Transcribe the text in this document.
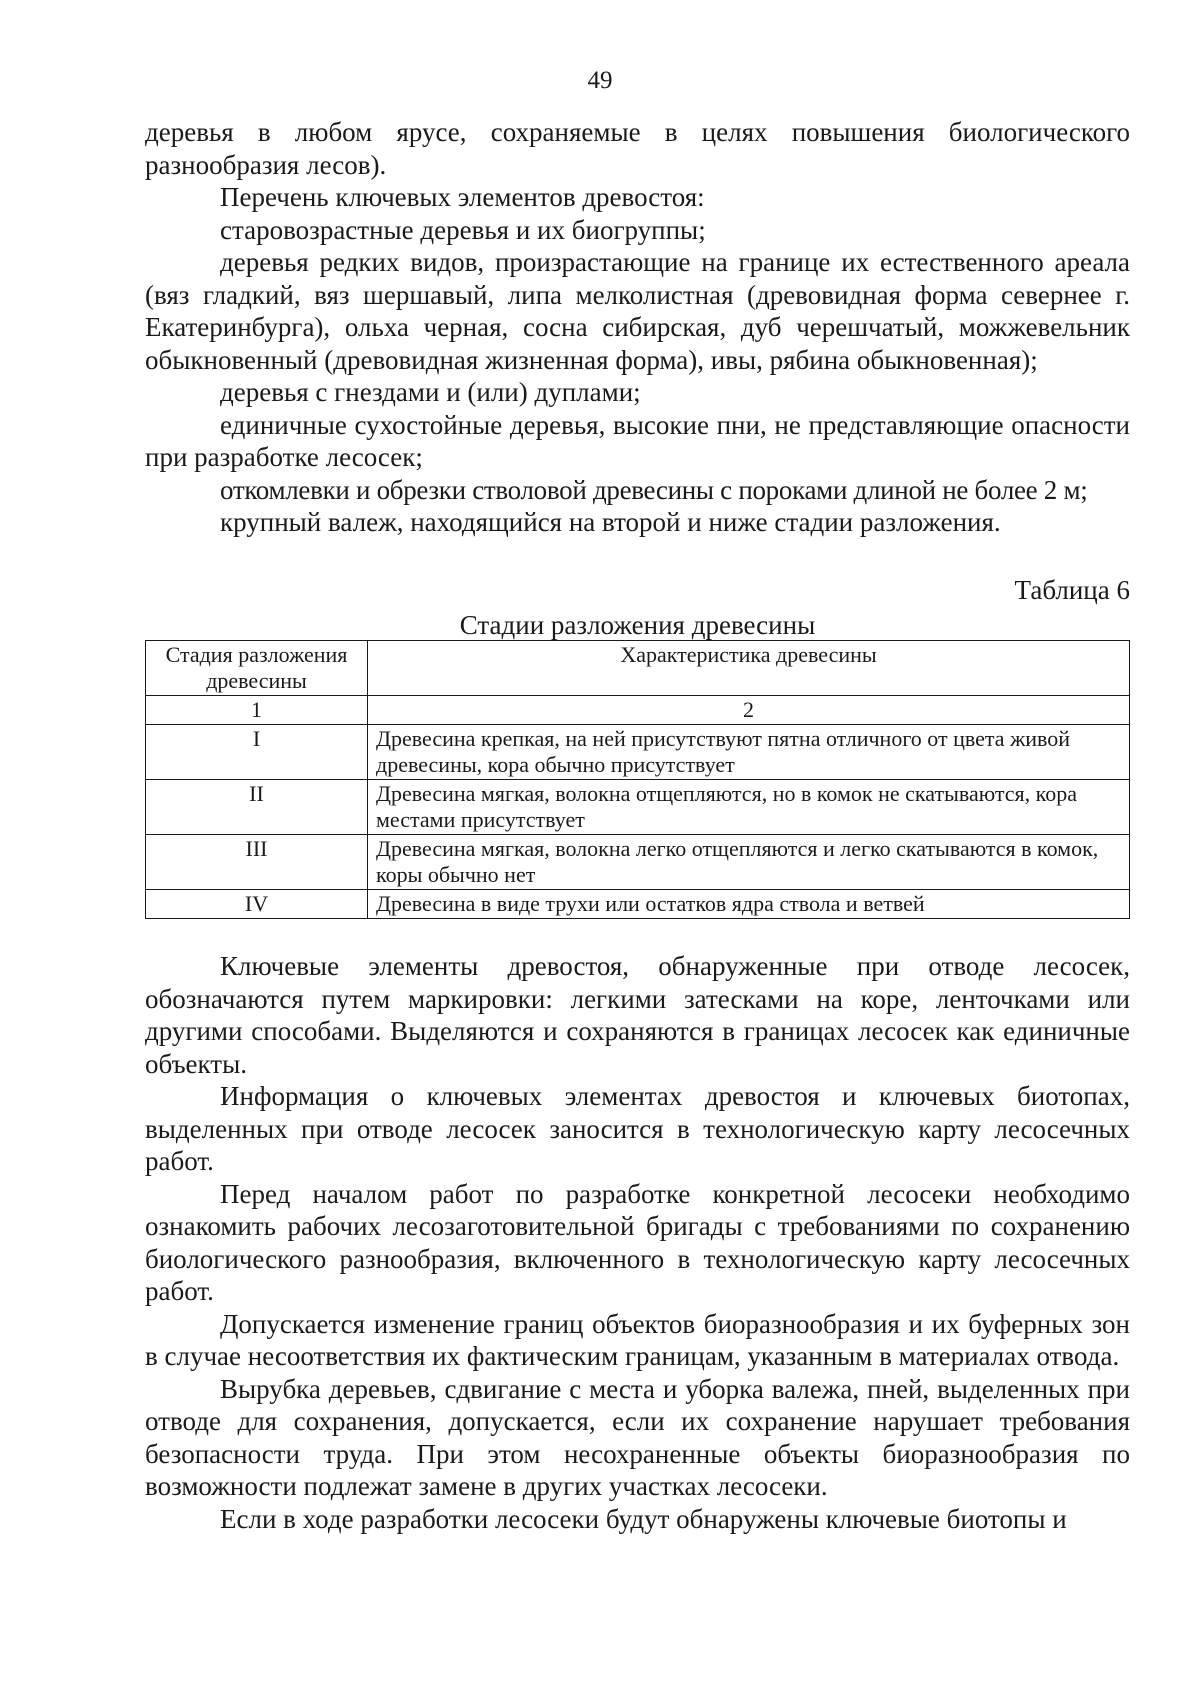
49

деревья в любом ярусе, сохраняемые в целях повышения биологического разнообразия лесов).

Перечень ключевых элементов древостоя:

старовозрастные деревья и их биогруппы;

деревья редких видов, произрастающие на границе их естественного ареала (вяз гладкий, вяз шершавый, липа мелколистная (древовидная форма севернее г. Екатеринбурга), ольха черная, сосна сибирская, дуб черешчатый, можжевельник обыкновенный (древовидная жизненная форма), ивы, рябина обыкновенная);

деревья с гнездами и (или) дуплами;

единичные сухостойные деревья, высокие пни, не представляющие опасности при разработке лесосек;

откомлевки и обрезки стволовой древесины с пороками длиной не более 2 м;

крупный валеж, находящийся на второй и ниже стадии разложения.

Таблица 6
Стадии разложения древесины
Стадия разложения древесины	Характеристика древесины
1	2
I	Древесина крепкая, на ней присутствуют пятна отличного от цвета живой древесины, кора обычно присутствует
II	Древесина мягкая, волокна отщепляются, но в комок не скатываются, кора местами присутствует
III	Древесина мягкая, волокна легко отщепляются и легко скатываются в комок, коры обычно нет
IV	Древесина в виде трухи или остатков ядра ствола и ветвей

Ключевые элементы древостоя, обнаруженные при отводе лесосек, обозначаются путем маркировки: легкими затесками на коре, ленточками или другими способами. Выделяются и сохраняются в границах лесосек как единичные объекты.

Информация о ключевых элементах древостоя и ключевых биотопах, выделенных при отводе лесосек заносится в технологическую карту лесосечных работ.

Перед началом работ по разработке конкретной лесосеки необходимо ознакомить рабочих лесозаготовительной бригады с требованиями по сохранению биологического разнообразия, включенного в технологическую карту лесосечных работ.

Допускается изменение границ объектов биоразнообразия и их буферных зон в случае несоответствия их фактическим границам, указанным в материалах отвода.

Вырубка деревьев, сдвигание с места и уборка валежа, пней, выделенных при отводе для сохранения, допускается, если их сохранение нарушает требования безопасности труда. При этом несохраненные объекты биоразнообразия по возможности подлежат замене в других участках лесосеки.

Если в ходе разработки лесосеки будут обнаружены ключевые биотопы и
